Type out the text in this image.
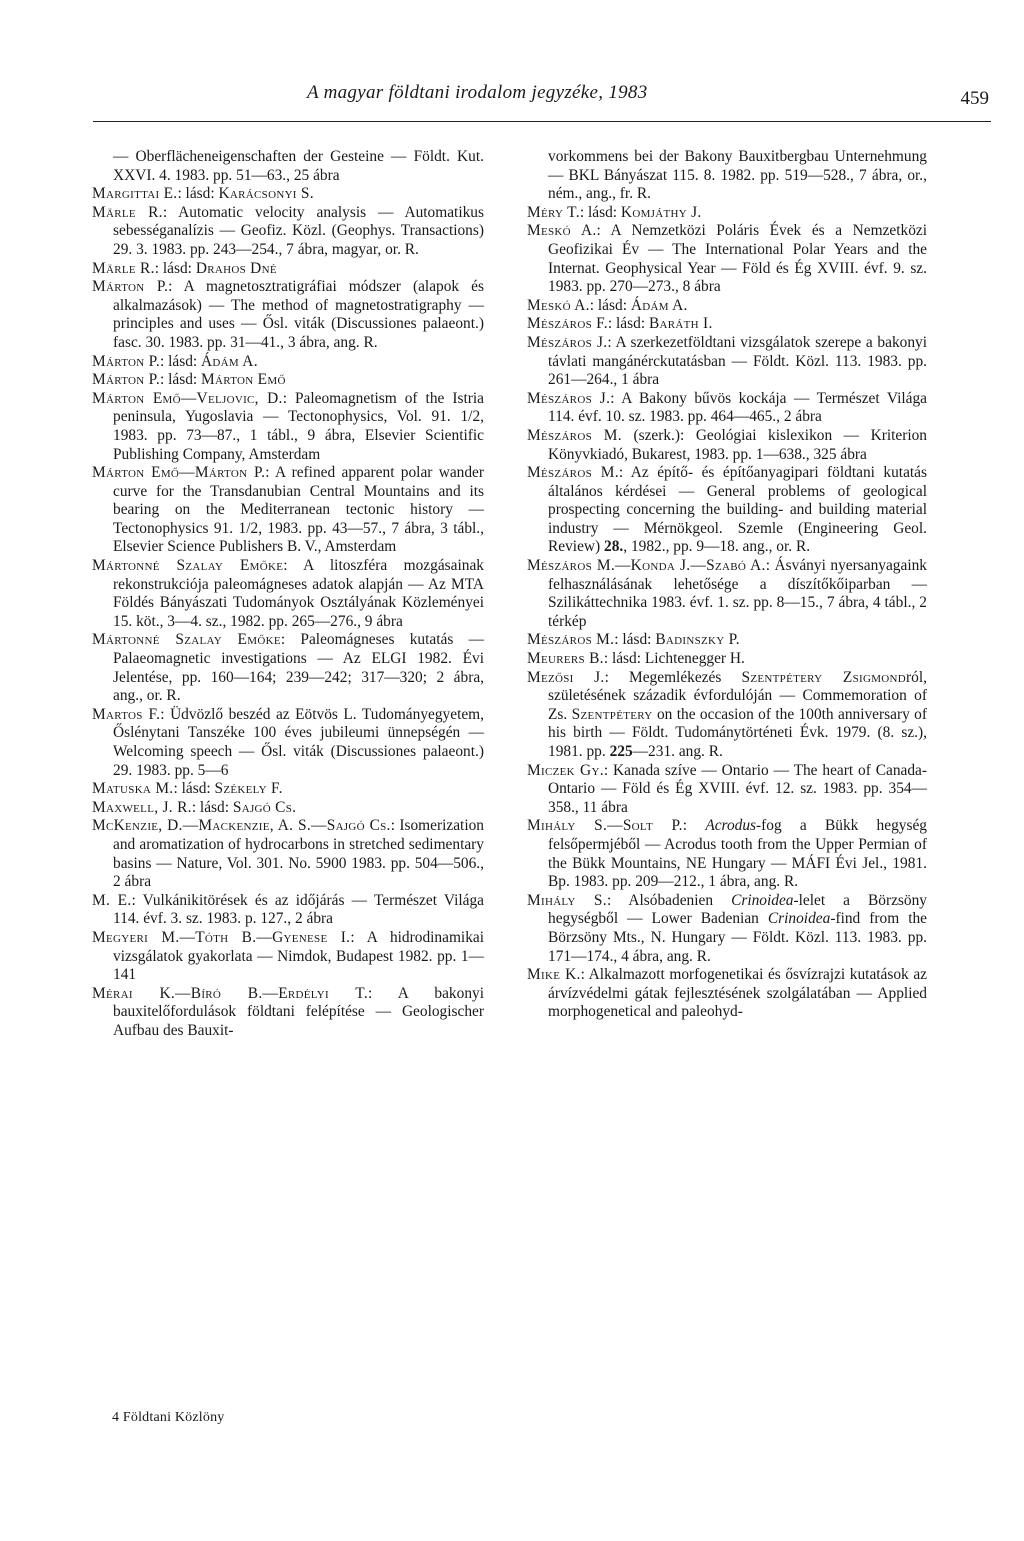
A magyar földtani irodalom jegyzéke, 1983	459

— Oberflächeneigenschaften der Gesteine — Földt. Kut. XXVI. 4. 1983. pp. 51—63., 25 ábra

Margittai E.: lásd: Karácsonyi S.

Märle R.: Automatic velocity analysis — Automatikus sebességanalízis — Geofiz. Közl. (Geophys. Transactions) 29. 3. 1983. pp. 243—254., 7 ábra, magyar, or. R.

Märle R.: lásd: Drahos Dné

Márton P.: A magnetosztratigráfiai módszer (alapok és alkalmazások) — The method of magnetostratigraphy — principles and uses — Ősl. viták (Discussiones palaeont.) fasc. 30. 1983. pp. 31—41., 3 ábra, ang. R.

Márton P.: lásd: Ádám A.

Márton P.: lásd: Márton Emő

Márton Emő—Veljovic, D.: Paleomagnetism of the Istria peninsula, Yugoslavia — Tectonophysics, Vol. 91. 1/2, 1983. pp. 73—87., 1 tábl., 9 ábra, Elsevier Scientific Publishing Company, Amsterdam

Márton Emő—Márton P.: A refined apparent polar wander curve for the Transdanubian Central Mountains and its bearing on the Mediterranean tectonic history — Tectonophysics 91. 1/2, 1983. pp. 43—57., 7 ábra, 3 tábl., Elsevier Science Publishers B. V., Amsterdam

Mártonné Szalay Emőke: A litoszféra mozgásainak rekonstrukciója paleomágneses adatok alapján — Az MTA Földés Bányászati Tudományok Osztályának Közleményei 15. köt., 3—4. sz., 1982. pp. 265—276., 9 ábra

Mártonné Szalay Emőke: Paleomágneses kutatás — Palaeomagnetic investigations — Az ELGI 1982. Évi Jelentése, pp. 160—164; 239—242; 317—320; 2 ábra, ang., or. R.

Martos F.: Üdvözlő beszéd az Eötvös L. Tudományegyetem, Őslénytani Tanszéke 100 éves jubileumi ünnepségén — Welcoming speech — Ősl. viták (Discussiones palaeont.) 29. 1983. pp. 5—6

Matuska M.: lásd: Székely F.

Maxwell, J. R.: lásd: Sajgó Cs.

McKenzie, D.—Mackenzie, A. S.—Sajgó Cs.: Isomerization and aromatization of hydrocarbons in stretched sedimentary basins — Nature, Vol. 301. No. 5900 1983. pp. 504—506., 2 ábra

M. E.: Vulkánikitörések és az időjárás — Természet Világa 114. évf. 3. sz. 1983. p. 127., 2 ábra

Megyeri M.—Tóth B.—Gyenese I.: A hidrodinamikai vizsgálatok gyakorlata — Nimdok, Budapest 1982. pp. 1—141

Mérai K.—Bíró B.—Erdélyi T.: A bakonyi bauxitelőfordulások földtani felépítése — Geologischer Aufbau des Bauxit-

vorkommens bei der Bakony Bauxitbergbau Unternehmung — BKL Bányászat 115. 8. 1982. pp. 519—528., 7 ábra, or., ném., ang., fr. R.

Méry T.: lásd: Komjáthy J.

Meskó A.: A Nemzetközi Poláris Évek és a Nemzetközi Geofizikai Év — The International Polar Years and the Internat. Geophysical Year — Föld és Ég XVIII. évf. 9. sz. 1983. pp. 270—273., 8 ábra

Meskó A.: lásd: Ádám A.

Mészáros F.: lásd: Baráth I.

Mészáros J.: A szerkezetföldtani vizsgálatok szerepe a bakonyi távlati mangánérckutatásban — Földt. Közl. 113. 1983. pp. 261—264., 1 ábra

Mészáros J.: A Bakony bűvös kockája — Természet Világa 114. évf. 10. sz. 1983. pp. 464—465., 2 ábra

Mészáros M. (szerk.): Geológiai kislexikon — Kriterion Könyvkiadó, Bukarest, 1983. pp. 1—638., 325 ábra

Mészáros M.: Az építő- és építőanyagipari földtani kutatás általános kérdései — General problems of geological prospecting concerning the building- and building material industry — Mérnökgeol. Szemle (Engineering Geol. Review) 28., 1982., pp. 9—18. ang., or. R.

Mészáros M.—Konda J.—Szabó A.: Ásványi nyersanyagaink felhasználásának lehetősége a díszítőkőiparban — Szilikáttechnika 1983. évf. 1. sz. pp. 8—15., 7 ábra, 4 tábl., 2 térkép

Mészáros M.: lásd: Badinszky P.

Meurers B.: lásd: Lichtenegger H.

Mezősi J.: Megemlékezés Szentpétery Zsigmondról, születésének századik évfordulóján — Commemoration of Zs. Szentpétery on the occasion of the 100th anniversary of his birth — Földt. Tudománytörténeti Évk. 1979. (8. sz.), 1981. pp. 225—231. ang. R.

Miczek Gy.: Kanada szíve — Ontario — The heart of Canada-Ontario — Föld és Ég XVIII. évf. 12. sz. 1983. pp. 354—358., 11 ábra

Mihály S.—Solt P.: Acrodus-fog a Bükk hegység felsőpermjéből — Acrodus tooth from the Upper Permian of the Bükk Mountains, NE Hungary — MÁFI Évi Jel., 1981. Bp. 1983. pp. 209—212., 1 ábra, ang. R.

Mihály S.: Alsóbadenien Crinoidea-lelet a Börzsöny hegységből — Lower Badenian Crinoidea-find from the Börzsöny Mts., N. Hungary — Földt. Közl. 113. 1983. pp. 171—174., 4 ábra, ang. R.

Mike K.: Alkalmazott morfogenetikai és ősvízrajzi kutatások az árvízvédelmi gátak fejlesztésének szolgálatában — Applied morphogenetical and paleohyd-

4 Földtani Közlöny
